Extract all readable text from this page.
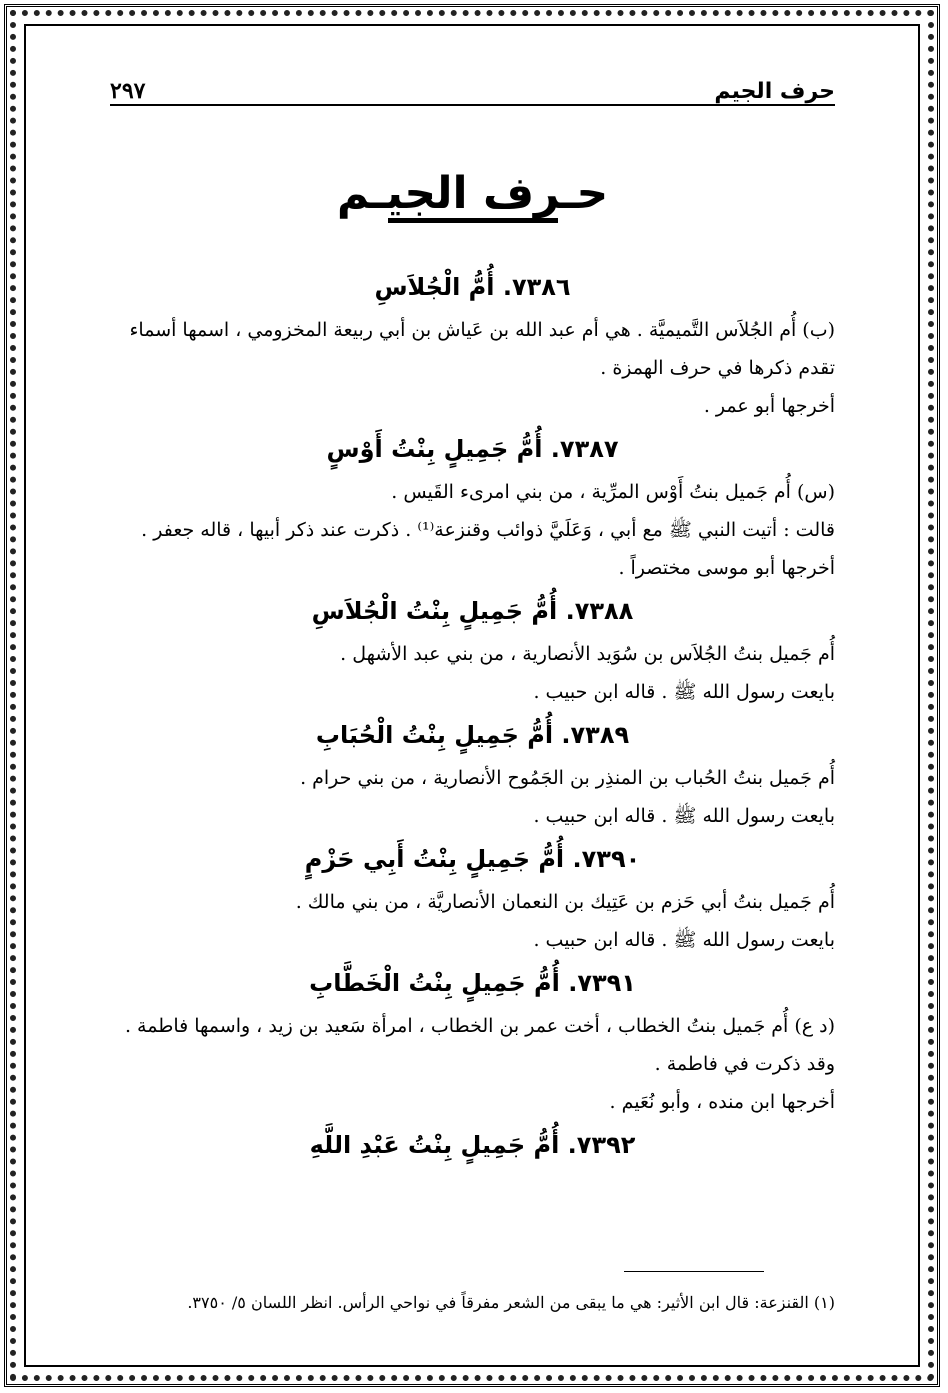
حرف الجيم
٢٩٧
حـرف الجيـم
٧٣٨٦. أُمُّ الْجُلاَسِ

(ب) أُم الجُلاَس التَّميميَّة . هي أم عبد الله بن عَياش بن أبي ربيعة المخزومي ، اسمها أسماء تقدم ذكرها في حرف الهمزة .

أخرجها أبو عمر .

٧٣٨٧. أُمُّ جَمِيلٍ بِنْتُ أَوْسٍ

(س) أُم جَميل بنتُ أَوْس المرِّية ، من بني امرىء القَيس .

قالت : أتيت النبي ﷺ مع أبي ، وَعَلَيَّ ذوائب وقنزعة⁽¹⁾ . ذكرت عند ذكر أبيها ، قاله جعفر .

أخرجها أبو موسى مختصراً .

٧٣٨٨. أُمُّ جَمِيلٍ بِنْتُ الْجُلاَسِ

أُم جَميل بنتُ الجُلاَس بن سُوَيد الأنصارية ، من بني عبد الأشهل .

بايعت رسول الله ﷺ . قاله ابن حبيب .

٧٣٨٩. أُمُّ جَمِيلٍ بِنْتُ الْحُبَابِ

أُم جَميل بنتُ الحُباب بن المنذِر بن الجَمُوح الأنصارية ، من بني حرام .

بايعت رسول الله ﷺ . قاله ابن حبيب .

٧٣٩٠. أُمُّ جَمِيلٍ بِنْتُ أَبِي حَزْمٍ

أُم جَميل بنتُ أبي حَزم بن عَتِيك بن النعمان الأنصاريَّة ، من بني مالك .

بايعت رسول الله ﷺ . قاله ابن حبيب .

٧٣٩١. أُمُّ جَمِيلٍ بِنْتُ الْخَطَّابِ

(د ع) أُم جَميل بنتُ الخطاب ، أخت عمر بن الخطاب ، امرأة سَعيد بن زيد ، واسمها فاطمة . وقد ذكرت في فاطمة .

أخرجها ابن منده ، وأبو نُعَيم .

٧٣٩٢. أُمُّ جَمِيلٍ بِنْتُ عَبْدِ اللَّهِ
(١) القنزعة: قال ابن الأثير: هي ما يبقى من الشعر مفرقاً في نواحي الرأس. انظر اللسان ٥/ ٣٧٥٠.
